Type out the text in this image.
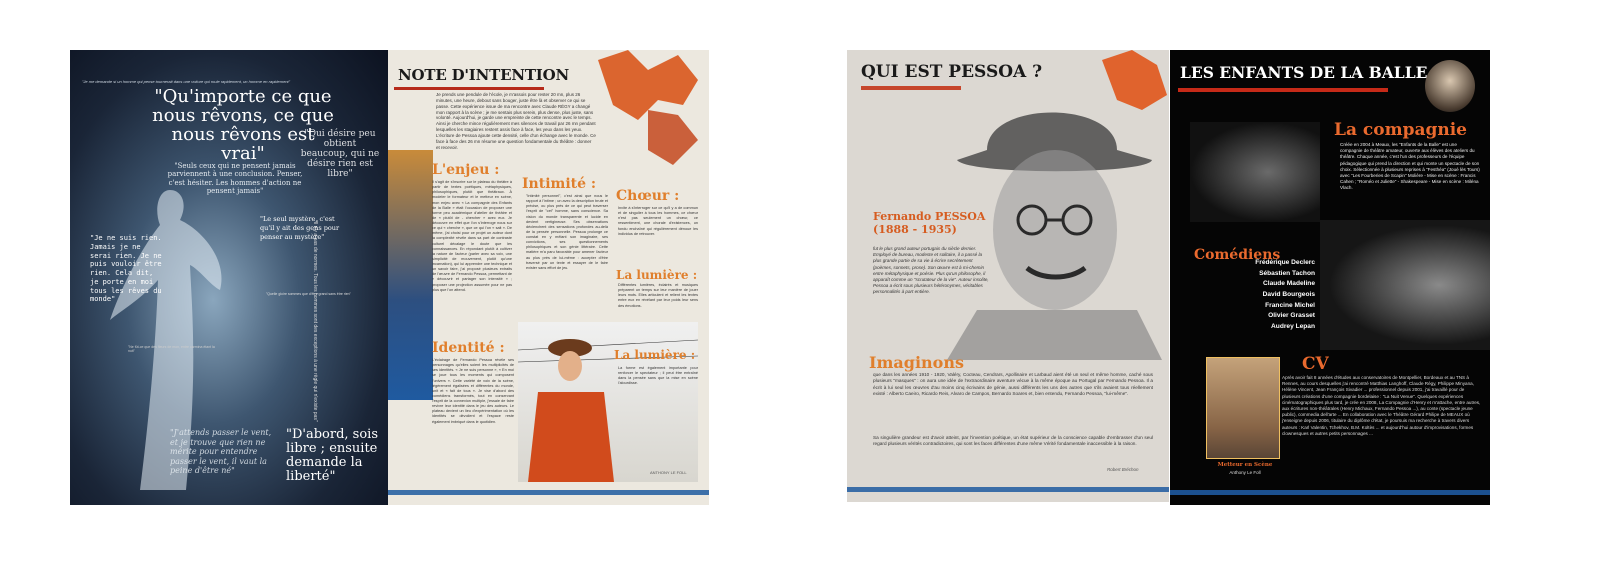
"Je me demande si un homme qui pense tournerait dans une voiture qui roule rapidement, un homme en rapidement"
"Qu'importe ce que nous rêvons, ce que nous rêvons est vrai"
"Seuls ceux qui ne pensent jamais parviennent à une conclusion. Penser, c'est hésiter. Les hommes d'action ne pensent jamais"
"Qui désire peu obtient beaucoup, qui ne désire rien est libre"
"Le seul mystère, c'est qu'il y ait des gens pour penser au mystère"
"Je ne suis rien. Jamais je ne serai rien. Je ne puis vouloir être rien. Cela dit, je porte en moi tous les rêves du monde"
"Quelle gloire sommes que d'être grand sans être rien"
"Ne fût-ce que des fleurs de mon, entre carmina étant la nuit"
"J'attends passer le vent, et je trouve que rien ne mérite pour entendre passer le vent, il vaut la peine d'être né"
"D'abord, sois libre ; ensuite demande la liberté"
"Il n'y a pas de normes. Tous les hommes sont des exceptions à une règle qui n'existe pas"
NOTE D'INTENTION
Je prends une pendule de l'école, je m'assois pour rester 20 mn, plus 26 minutes, une heure, debout sans bouger, juste être là et observer ce qui se passe. Cette expérience issue de ma rencontre avec Claude RÉGY a changé mon rapport à la scène ; je me sentais plus serein, plus dense, plus juste, sans volonté. Aujourd'hui, je garde une empreinte de cette rencontre avec le temps. Ainsi je cherche mince régulièrement mes silences de travail par 26 mn pendant lesquelles les stagiaires restent assis face à face, les yeux dans les yeux. L'écriture de Pessoa ajoute cette densité, celle d'un échange avec le monde. Ce face à face des 26 mn résume une question fondamentale du théâtre : donner et recevoir.
L'enjeu :
Il s'agit de s'inscrire sur le plateau du théâtre à partir de textes poétiques, métaphysiques, philosophiques, plutôt que théâtraux. À modeler le formateur et le metteur en scène, mon enjeu avec « La compagnie des Enfants de la Balle » était l'occasion de proposer une forme peu académique d'atelier de théâtre et de « plutôt de - chercher » avec eux. Je découvre en effet que l'on s'interroge nous sur ce qui « cherche », que ce qui l'on « sait ». De même, j'ai choisi pour ce projet un auteur dont la complexité révèle dans sa part de contraste culturel décalage le doute que les connaissances. En répondant plutôt à cultiver la nature de l'acteur (parler avec sa voix, une simplicité de mouvement, plutôt qu'une incarnation), qui lui apprendre une technique et un savoir faire, j'ai proposé plusieurs extraits de l'œuvre de Fernando Pessoa, permettant de « découvrir et partager son intensité » ; proposer une projection assumée pour ne pas plus que l'on attend.
Intimité :
"Intimité personnel", c'est ainsi que nous le rapport à l'intime ; un avec la description brute et précise, ou plus près de ce qui peut traverser l'esprit de "cet" homme, sans conscience. Sa vision du monde transparente et lucide en devient vertigineuse. Ses observations déclenchent des sensations profondes au-delà de la pensée personnelle. Pessoa prolonge ce constat en y mêlant son imaginaire, ses convictions, ses questionnements philosophiques et son génie littéraire. Cette matière m'a paru favorable pour amener l'acteur au plus près de lui-même : accepter d'être traversé par un texte et essayer de le faire exister sans effort de jeu.
Chœur :
Invite à s'interroger sur ce qu'il y a de commun et de singulier à tous les hommes, ce chœur n'est pas seulement un chœur, ce ressentiment, une chorale d'existences, un fondu enchaîné qui régulièrement dénoue les individus de retrouver.
La lumière :
Différentes lumières, éclairés et musiques préparent un temps sur leur manière de jouer leurs mots. Elles articulent et relient les textes entre eux en révélant par leur poids leur sens des émotions.
Identité :
L'éclairage de Fernando Pessoa révèle ses personnages qu'elles soient les multiplicités de ses identités. « Je ne suis personne », « En moi se joue tous les moments qui composent l'univers ». Cette variété de voix de la scène, légèrement égalisées et différentes du monde, unit et « fait de tous ». Je vise d'abord des comédiens transformés, tout en conservant l'esprit de la connexion multiple, j'essaie de faire revivre leur identité dans le jeu des auteurs. Le plateau devient un lieu d'expérimentation où les identités se dévoilent et l'espace reste également imbriqué dans le quotidien.
La lumière :
La forme est également importante pour renforcer le spectateur ; il peut être entraîné dans la pensée sans que la mise en scène l'alourdisse.
ANTHONY LE FOLL
QUI EST PESSOA ?
Fernando PESSOA
(1888 - 1935)
fut le plus grand auteur portugais du siècle dernier. Employé de bureau, modeste et solitaire, il a passé la plus grande partie de sa vie à écrire secrètement (poèmes, sonnets, prose). Son œuvre est à mi-chemin entre métaphysique et poésie. Plus qu'un philosophe, il apparaît comme un "scrutateur de la vie". Auteur insolite, Pessoa a écrit sous plusieurs hétéronymes, véritables personnalités à part entière.
Imaginons
que dans les années 1910 - 1920, Valéry, Cocteau, Cendrars, Apollinaire et Larbaud aient été un seul et même homme, caché sous plusieurs "masques" : on aura une idée de l'extraordinaire aventure vécue à la même époque au Portugal par Fernando Pessoa. Il a écrit à lui seul les œuvres d'au moins cinq écrivains de génie, aussi différents les uns des autres que s'ils avaient tous réellement existé : Alberto Caeiro, Ricardo Reis, Alvaro de Campos, Bernardo Soares et, bien entendu, Fernando Pessoa, "lui-même".
Sa singulière grandeur est d'avoir atteint, par l'invention poétique, un état supérieur de la conscience capable d'embrasser d'un seul regard plusieurs vérités contradictoires, qui sont les faces différentes d'une même Vérité fondamentale inaccessible à la raison.
Robert Bréchon
LES ENFANTS DE LA BALLE
La compagnie
Créée en 2004 à Meaux, les "Enfants de la Balle" est une compagnie de théâtre amateur, ouverte aux élèves des ateliers du théâtre. Chaque année, c'est l'un des professeurs de l'équipe pédagogique qui prend la direction et qui monte un spectacle de son choix. Sélectionnée à plusieurs reprises à "Festhéa" (Joué lès Tours) avec "Les Fourberies de Scapin" Molière - Mise en scène : Francis Cahen ; "Roméo et Juliette" - Shakespeare - Mise en scène : Miléna Vlach.
Comédiens
Frédérique Declerc
Sébastien Tachon
Claude Madeline
David Bourgeois
Francine Michel
Olivier Grasset
Audrey Lepan
Metteur en Scène
Anthony Le Foll
CV
Après avoir fait 8 années d'études aux conservatoires de Montpellier, Bordeaux et au TNS à Rennes, au cours desquelles j'ai rencontré Matthias Langhoff, Claude Régy, Philippe Minyana, Hélène Vincent, Jean François Sivadier ... professionnel depuis 2001, j'ai travaillé pour de plusieurs créations d'une compagnie bordelaise : "La Nuit Venue". Quelques expériences cinématographiques plus tard, je crée en 2008, La Compagnie d'Henry et m'attache, entre autres, aux écritures non-théâtrales (Henry Michaux, Fernando Pessoa ...), au conte (spectacle jeune public), commedia dell'arte ... En collaboration avec le Théâtre Gérard Philipe de MEAUX où j'enseigne depuis 2006, titulaire du diplôme d'état, je poursuis ma recherche à travers divers auteurs : Karl Valentin, Tchekhov, B.M. Koltès ... et aujourd'hui autour d'improvisations, formes clownesques et autres petits personnages ...
